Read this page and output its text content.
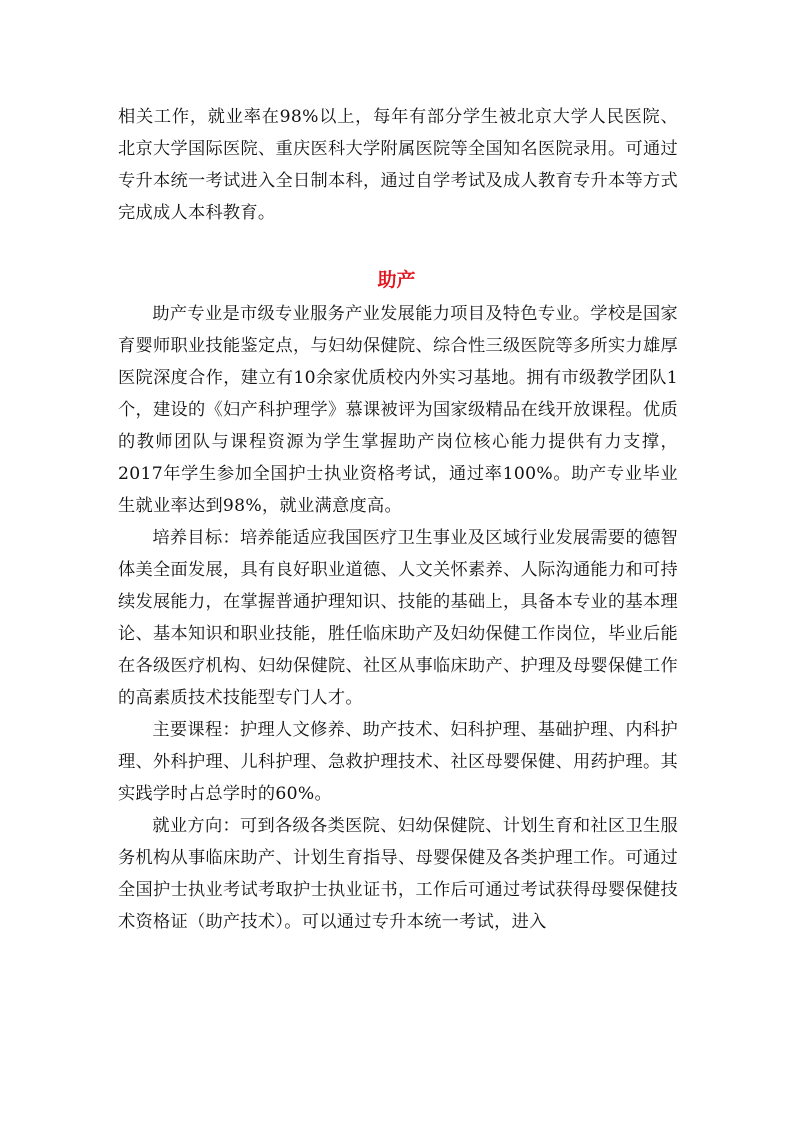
相关工作，就业率在98%以上，每年有部分学生被北京大学人民医院、北京大学国际医院、重庆医科大学附属医院等全国知名医院录用。可通过专升本统一考试进入全日制本科，通过自学考试及成人教育专升本等方式完成成人本科教育。

助产

助产专业是市级专业服务产业发展能力项目及特色专业。学校是国家育婴师职业技能鉴定点，与妇幼保健院、综合性三级医院等多所实力雄厚医院深度合作，建立有10余家优质校内外实习基地。拥有市级教学团队1个，建设的《妇产科护理学》慕课被评为国家级精品在线开放课程。优质的教师团队与课程资源为学生掌握助产岗位核心能力提供有力支撑，2017年学生参加全国护士执业资格考试，通过率100%。助产专业毕业生就业率达到98%，就业满意度高。

培养目标：培养能适应我国医疗卫生事业及区域行业发展需要的德智体美全面发展，具有良好职业道德、人文关怀素养、人际沟通能力和可持续发展能力，在掌握普通护理知识、技能的基础上，具备本专业的基本理论、基本知识和职业技能，胜任临床助产及妇幼保健工作岗位，毕业后能在各级医疗机构、妇幼保健院、社区从事临床助产、护理及母婴保健工作的高素质技术技能型专门人才。

主要课程：护理人文修养、助产技术、妇科护理、基础护理、内科护理、外科护理、儿科护理、急救护理技术、社区母婴保健、用药护理。其实践学时占总学时的60%。

就业方向：可到各级各类医院、妇幼保健院、计划生育和社区卫生服务机构从事临床助产、计划生育指导、母婴保健及各类护理工作。可通过全国护士执业考试考取护士执业证书，工作后可通过考试获得母婴保健技术资格证（助产技术）。可以通过专升本统一考试，进入
